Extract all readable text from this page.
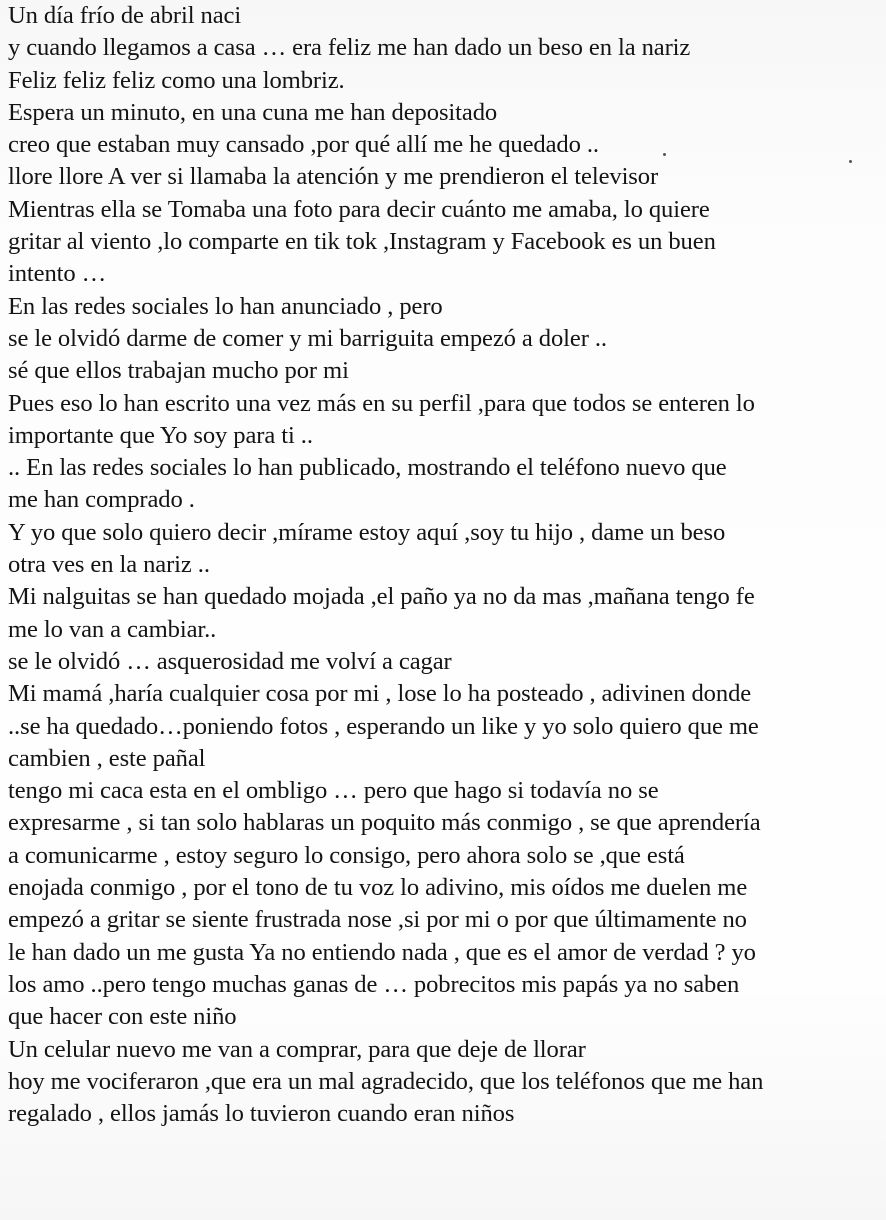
Un día frío de abril naci
y cuando llegamos a casa … era feliz me han dado un beso en la nariz
Feliz feliz feliz como una lombriz.
Espera un minuto, en una cuna me han depositado
creo que estaban muy cansado ,por qué allí me he quedado ..
llore llore A ver si llamaba la atención y me prendieron el televisor
Mientras ella se Tomaba una foto para decir cuánto me amaba, lo quiere
gritar al viento ,lo comparte en tik tok ,Instagram y Facebook es un buen
intento …
En las redes sociales lo han anunciado , pero
se le olvidó darme de comer y mi barriguita empezó a doler ..
sé que ellos trabajan mucho por mi
Pues eso lo han escrito una vez más en su perfil ,para que todos se enteren lo
importante que Yo soy para ti ..
.. En las redes sociales lo han publicado, mostrando el teléfono nuevo que
me han comprado .
Y yo que solo quiero decir ,mírame estoy aquí ,soy tu hijo , dame un beso
otra ves en la nariz ..
Mi nalguitas se han quedado mojada ,el paño ya no da mas ,mañana tengo fe
me lo van a cambiar..
se le olvidó … asquerosidad me volví a cagar
Mi mamá ,haría cualquier cosa por mi , lose lo ha posteado , adivinen donde
..se ha quedado…poniendo fotos , esperando un like y yo solo quiero que me
cambien , este pañal
tengo mi caca esta en el ombligo … pero que hago si todavía no se
expresarme , si tan solo hablaras un poquito más conmigo , se que aprendería
a comunicarme , estoy seguro lo consigo, pero ahora solo se ,que está
enojada conmigo , por el tono de tu voz lo adivino, mis oídos me duelen me
empezó a gritar se siente frustrada nose ,si por mi o por que últimamente no
le han dado un me gusta Ya no entiendo nada , que es el amor de verdad ? yo
los amo ..pero tengo muchas ganas de … pobrecitos mis papás ya no saben
que hacer con este niño
Un celular nuevo me van a comprar, para que deje de llorar
hoy me vociferaron ,que era un mal agradecido, que los teléfonos que me han
regalado , ellos jamás lo tuvieron cuando eran niños
